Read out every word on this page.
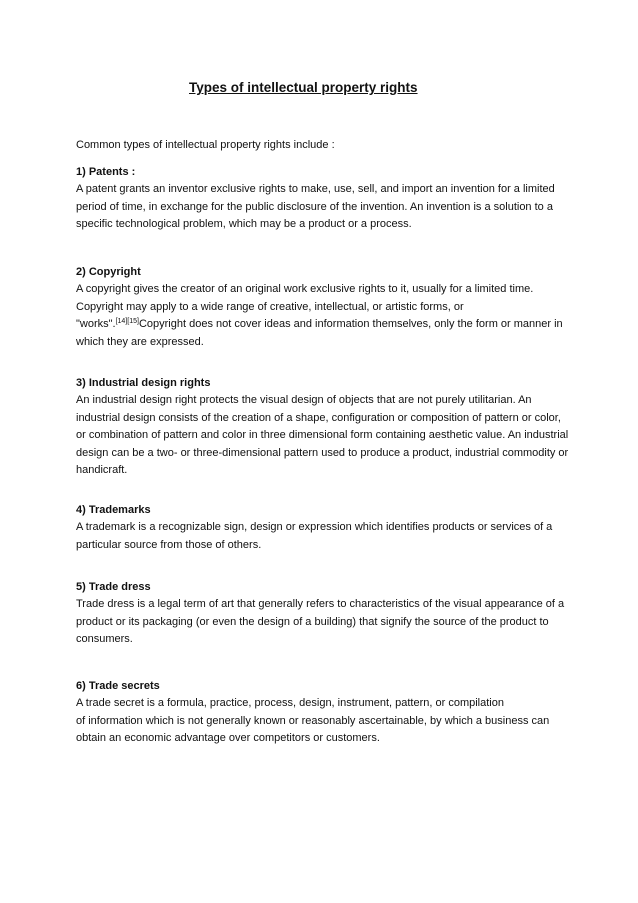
Types of intellectual property rights
Common types of intellectual property rights include :
1) Patents :
A patent grants an inventor exclusive rights to make, use, sell, and import an invention for a limited
period of time, in exchange for the public disclosure of the invention. An invention is a solution to a
specific technological problem, which may be a product or a process.
2) Copyright
A copyright gives the creator of an original work exclusive rights to it, usually for a limited time.
Copyright may apply to a wide range of creative, intellectual, or artistic forms, or
"works".[14][15]Copyright does not cover ideas and information themselves, only the form or manner in
which they are expressed.
3) Industrial design rights
An industrial design right protects the visual design of objects that are not purely utilitarian. An
industrial design consists of the creation of a shape, configuration or composition of pattern or color,
or combination of pattern and color in three dimensional form containing aesthetic value. An industrial
design can be a two- or three-dimensional pattern used to produce a product, industrial commodity or
handicraft.
4) Trademarks
A trademark is a recognizable sign, design or expression which identifies products or services of a
particular source from those of others.
5) Trade dress
Trade dress is a legal term of art that generally refers to characteristics of the visual appearance of a
product or its packaging (or even the design of a building) that signify the source of the product to
consumers.
6) Trade secrets
A trade secret is a formula, practice, process, design, instrument, pattern, or compilation
of information which is not generally known or reasonably ascertainable, by which a business can
obtain an economic advantage over competitors or customers.
